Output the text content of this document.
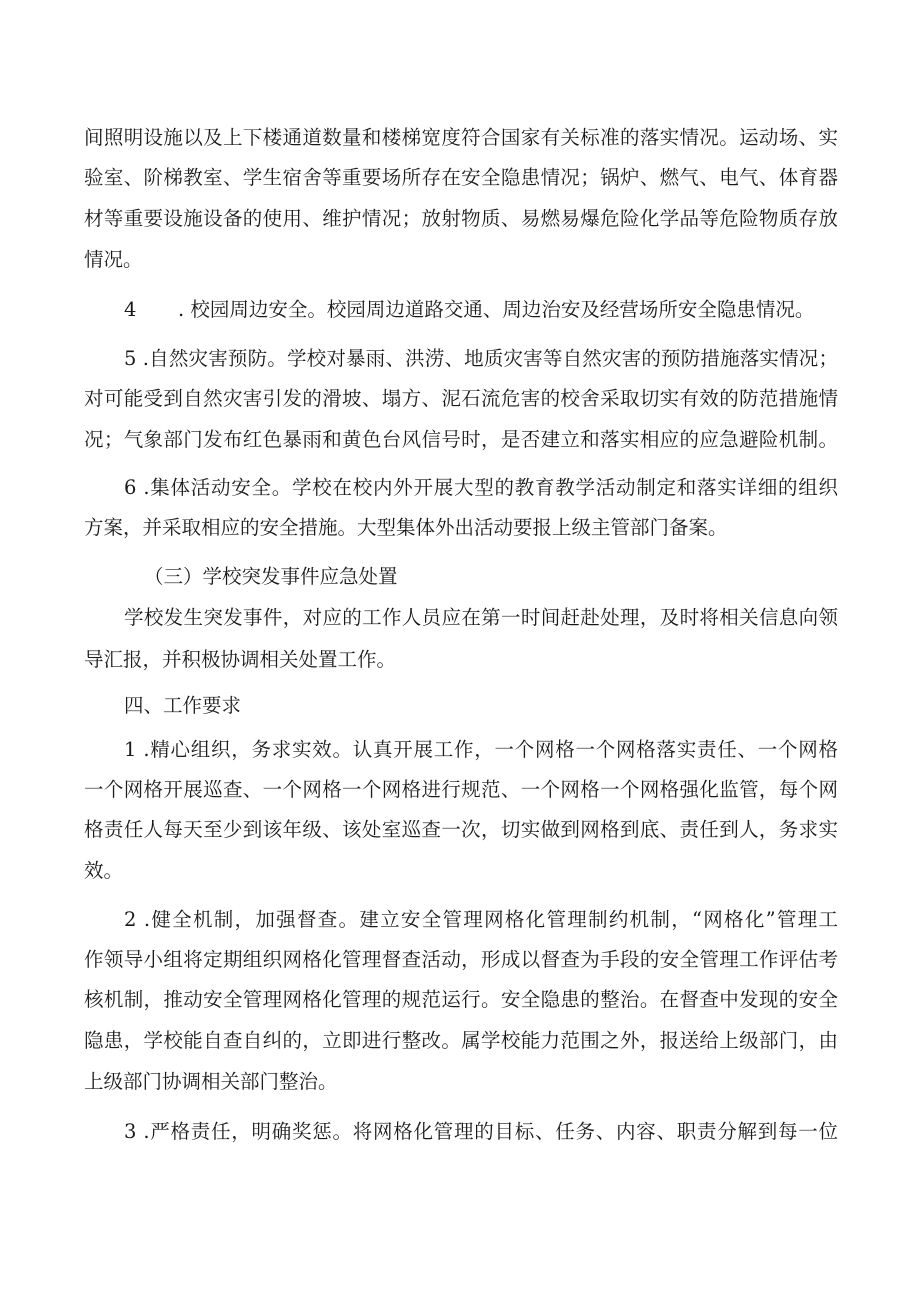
间照明设施以及上下楼通道数量和楼梯宽度符合国家有关标准的落实情况。运动场、实
验室、阶梯教室、学生宿舍等重要场所存在安全隐患情况；锅炉、燃气、电气、体育器
材等重要设施设备的使用、维护情况；放射物质、易燃易爆危险化学品等危险物质存放
情况。
4 . 校园周边安全。校园周边道路交通、周边治安及经营场所安全隐患情况。
5 .自然灾害预防。学校对暴雨、洪涝、地质灾害等自然灾害的预防措施落实情况；
对可能受到自然灾害引发的滑坡、塌方、泥石流危害的校舍采取切实有效的防范措施情
况；气象部门发布红色暴雨和黄色台风信号时，是否建立和落实相应的应急避险机制。
6 .集体活动安全。学校在校内外开展大型的教育教学活动制定和落实详细的组织
方案，并采取相应的安全措施。大型集体外出活动要报上级主管部门备案。
（三）学校突发事件应急处置
学校发生突发事件，对应的工作人员应在第一时间赶赴处理，及时将相关信息向领
导汇报，并积极协调相关处置工作。
四、工作要求
1 .精心组织，务求实效。认真开展工作，一个网格一个网格落实责任、一个网格
一个网格开展巡查、一个网格一个网格进行规范、一个网格一个网格强化监管，每个网
格责任人每天至少到该年级、该处室巡查一次，切实做到网格到底、责任到人，务求实
效。
2 .健全机制，加强督查。建立安全管理网格化管理制约机制，“网格化”管理工
作领导小组将定期组织网格化管理督查活动，形成以督查为手段的安全管理工作评估考
核机制，推动安全管理网格化管理的规范运行。安全隐患的整治。在督查中发现的安全
隐患，学校能自查自纠的，立即进行整改。属学校能力范围之外，报送给上级部门，由
上级部门协调相关部门整治。
3 .严格责任，明确奖惩。将网格化管理的目标、任务、内容、职责分解到每一位
